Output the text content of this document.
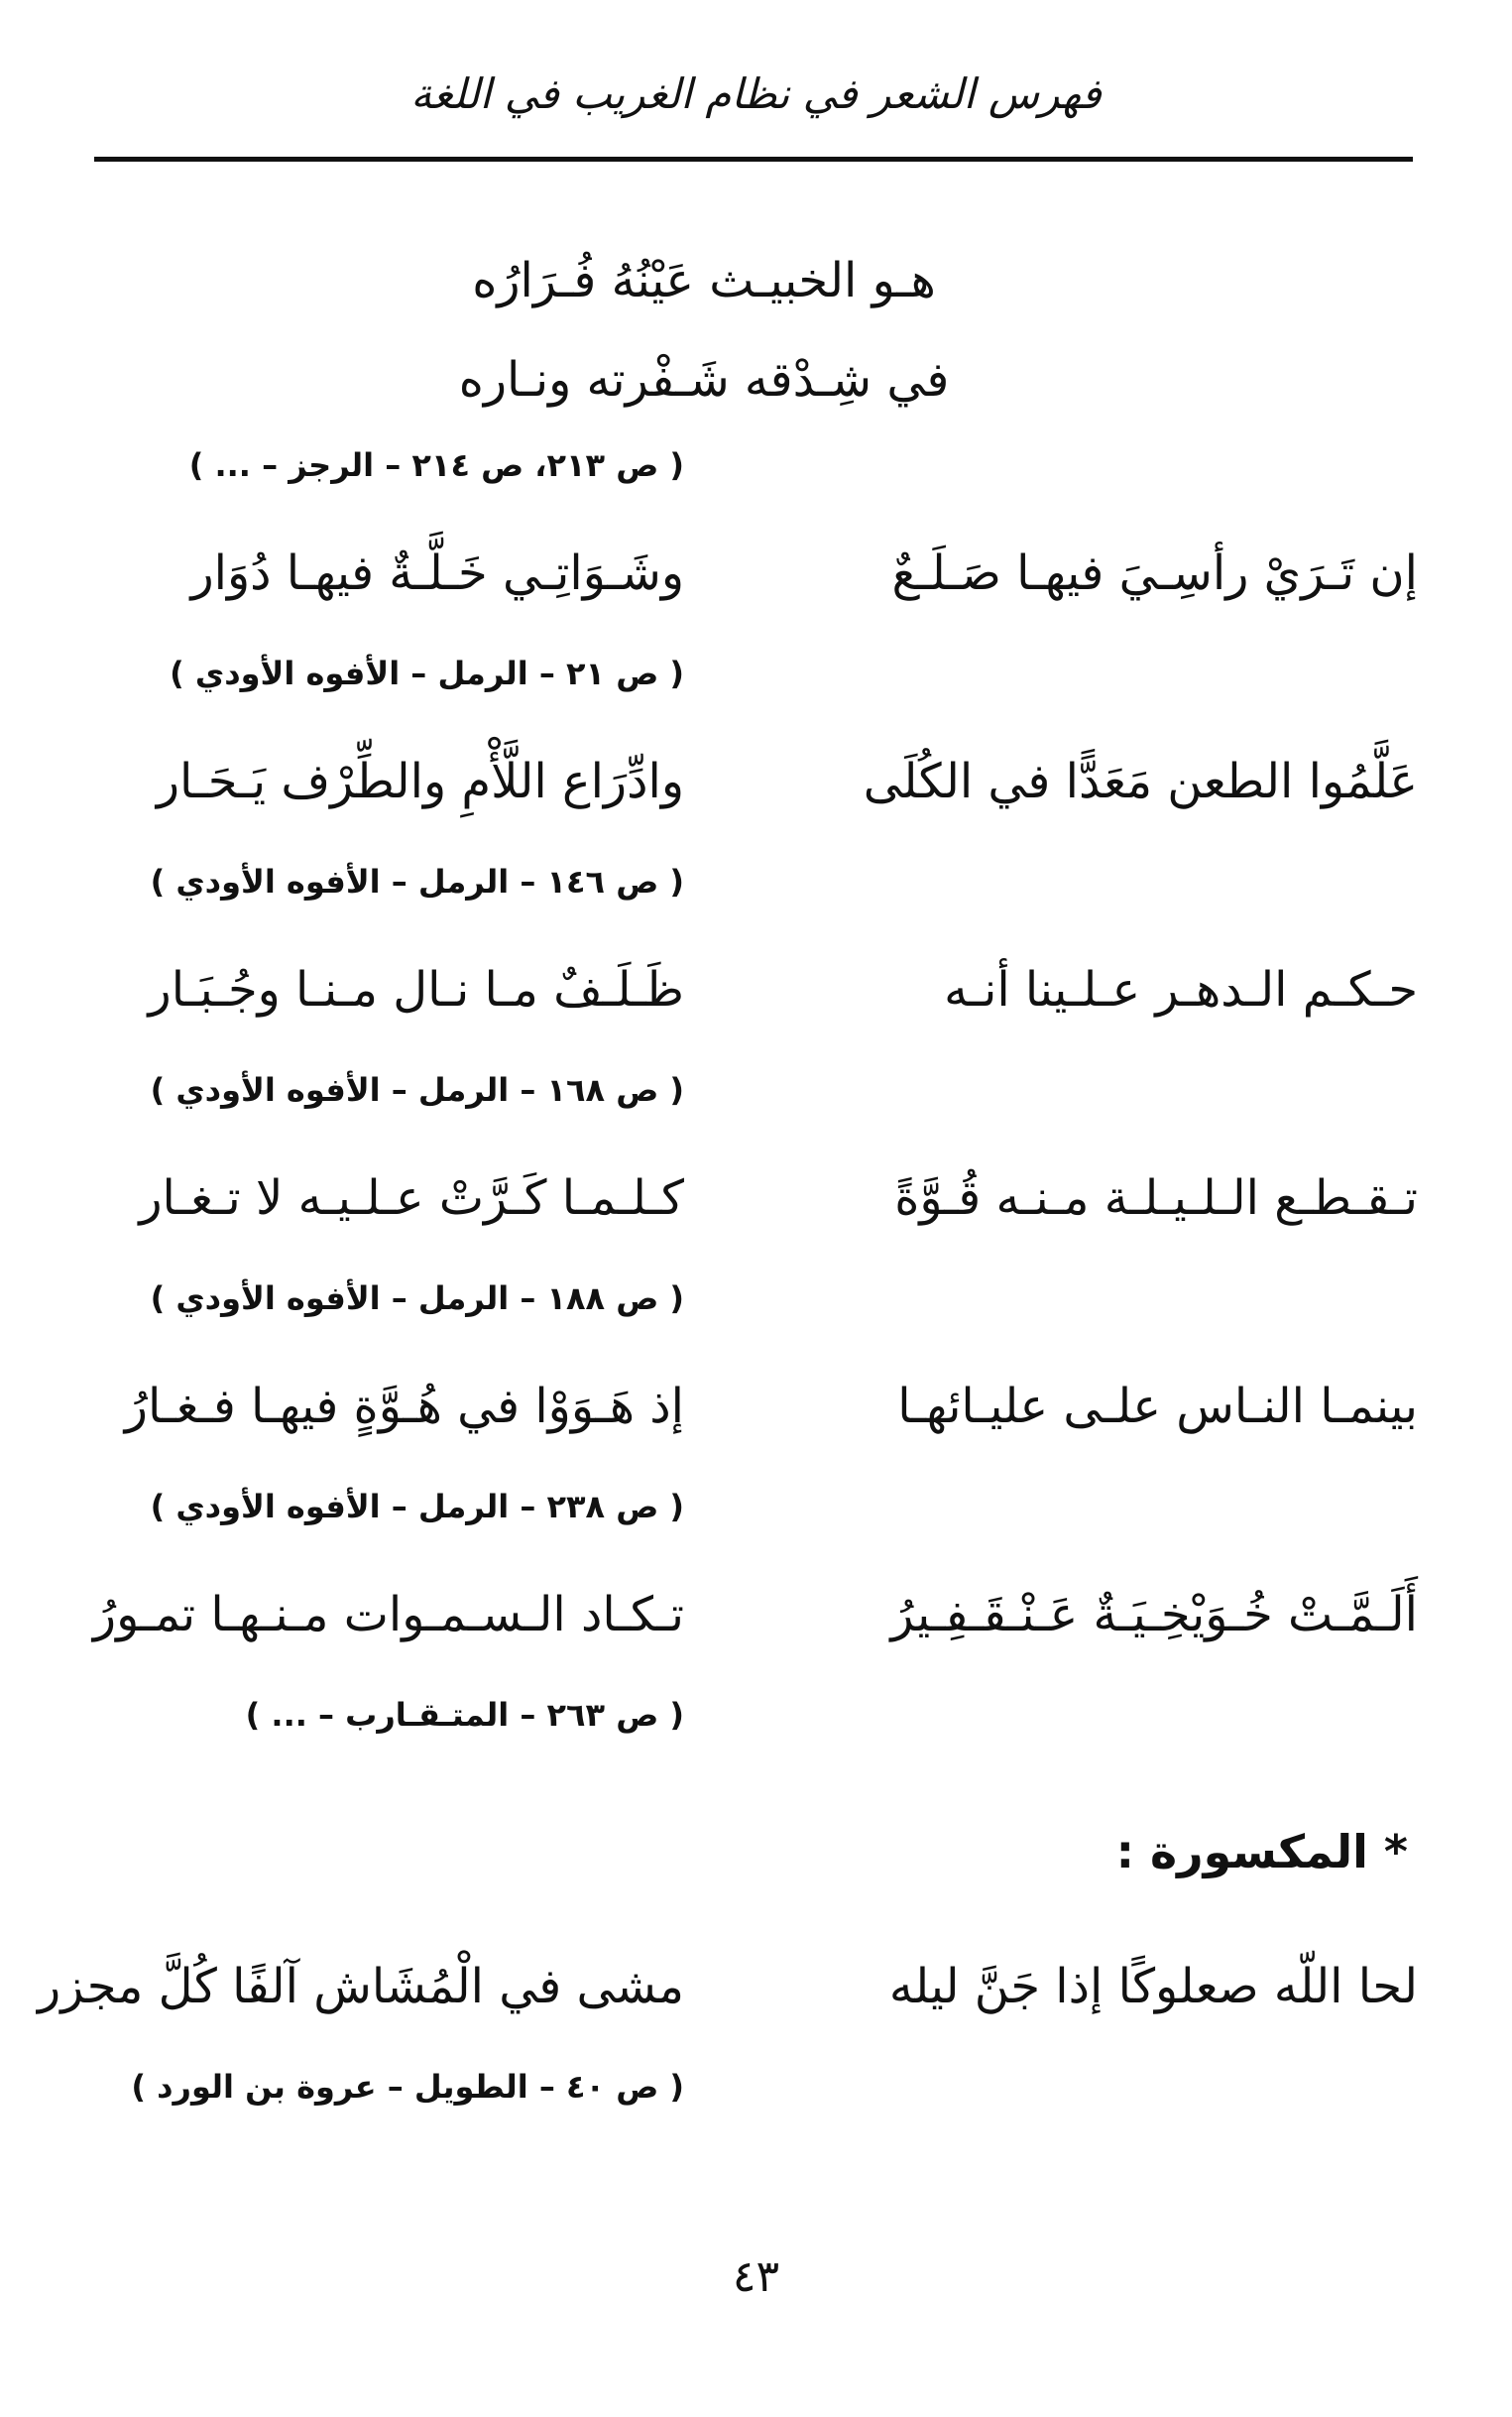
فهرس الشعر في نظام الغريب في اللغة
هـو الخبيـث عَيْنُهُ فُـرَارُه
في شِـدْقه شَـفْرته ونـاره
( ص ٢١٣، ص ٢١٤ – الرجز – ... )
إن تَـرَيْ رأسِـيَ فيهـا صَـلَـعٌ
وشَـوَاتِـي خَـلَّـةٌ فيهـا دُوَار
( ص ٢١ – الرمل – الأفوه الأودي )
عَلَّمُوا الطعن مَعَدًّا في الكُلَى
وادِّرَاع اللَّأْمِ والطِّرْف يَـحَـار
( ص ١٤٦ – الرمل – الأفوه الأودي )
حـكـم الـدهـر عـلـينا أنـه
ظَـلَـفٌ مـا نـال مـنـا وجُـبَـار
( ص ١٦٨ – الرمل – الأفوه الأودي )
تـقـطـع الـلـيـلـة مـنـه قُـوَّةً
كـلـمـا كَـرَّتْ عـلـيـه لا تـغـار
( ص ١٨٨ – الرمل – الأفوه الأودي )
بينمـا النـاس علـى عليـائهـا
إذ هَـوَوْا في هُـوَّةٍ فيهـا فـغـارُ
( ص ٢٣٨ – الرمل – الأفوه الأودي )
أَلَـمَّـتْ خُـوَيْخِـيَـةٌ عَـنْـقَـفِـيرُ
تـكـاد الـسـمـوات مـنـهـا تمـورُ
( ص ٢٦٣ – المتـقـارب – ... )
* المكسورة :
لحا اللّه صعلوكًا إذا جَنَّ ليله
مشى في الْمُشَاش آلفًا كُلَّ مجزر
( ص ٤٠ – الطويل – عروة بن الورد )
٤٣
